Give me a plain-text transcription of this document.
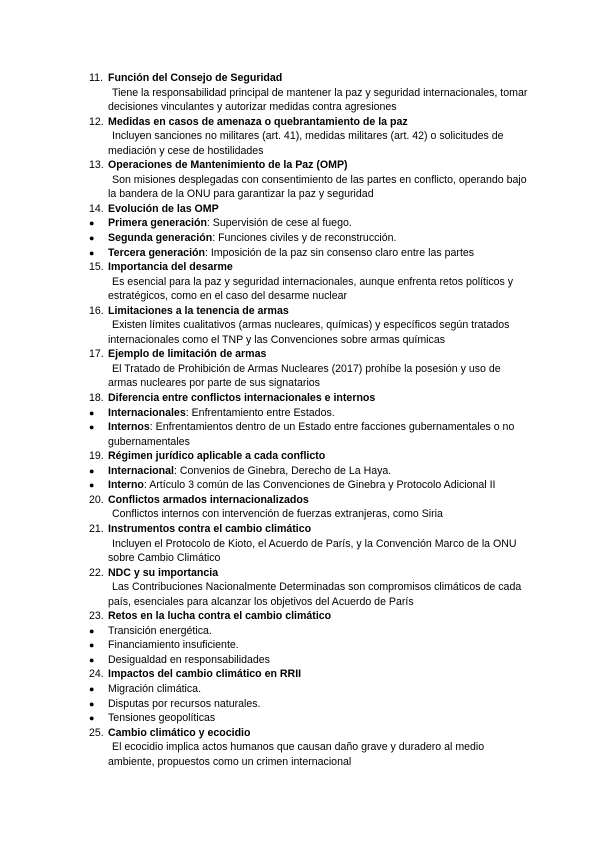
11. Función del Consejo de Seguridad
Tiene la responsabilidad principal de mantener la paz y seguridad internacionales, tomar decisiones vinculantes y autorizar medidas contra agresiones
12. Medidas en casos de amenaza o quebrantamiento de la paz
Incluyen sanciones no militares (art. 41), medidas militares (art. 42) o solicitudes de mediación y cese de hostilidades
13. Operaciones de Mantenimiento de la Paz (OMP)
Son misiones desplegadas con consentimiento de las partes en conflicto, operando bajo la bandera de la ONU para garantizar la paz y seguridad
14. Evolución de las OMP
●	Primera generación: Supervisión de cese al fuego.
●	Segunda generación: Funciones civiles y de reconstrucción.
●	Tercera generación: Imposición de la paz sin consenso claro entre las partes
15. Importancia del desarme
Es esencial para la paz y seguridad internacionales, aunque enfrenta retos políticos y estratégicos, como en el caso del desarme nuclear
16. Limitaciones a la tenencia de armas
Existen límites cualitativos (armas nucleares, químicas) y específicos según tratados internacionales como el TNP y las Convenciones sobre armas químicas
17. Ejemplo de limitación de armas
El Tratado de Prohibición de Armas Nucleares (2017) prohíbe la posesión y uso de armas nucleares por parte de sus signatarios
18. Diferencia entre conflictos internacionales e internos
●	Internacionales: Enfrentamiento entre Estados.
●	Internos: Enfrentamientos dentro de un Estado entre facciones gubernamentales o no gubernamentales
19. Régimen jurídico aplicable a cada conflicto
●	Internacional: Convenios de Ginebra, Derecho de La Haya.
●	Interno: Artículo 3 común de las Convenciones de Ginebra y Protocolo Adicional II
20. Conflictos armados internacionalizados
Conflictos internos con intervención de fuerzas extranjeras, como Siria
21. Instrumentos contra el cambio climático
Incluyen el Protocolo de Kioto, el Acuerdo de París, y la Convención Marco de la ONU sobre Cambio Climático
22. NDC y su importancia
Las Contribuciones Nacionalmente Determinadas son compromisos climáticos de cada país, esenciales para alcanzar los objetivos del Acuerdo de París
23. Retos en la lucha contra el cambio climático
●	Transición energética.
●	Financiamiento insuficiente.
●	Desigualdad en responsabilidades
24. Impactos del cambio climático en RRII
●	Migración climática.
●	Disputas por recursos naturales.
●	Tensiones geopolíticas
25. Cambio climático y ecocidio
El ecocidio implica actos humanos que causan daño grave y duradero al medio ambiente, propuestos como un crimen internacional
